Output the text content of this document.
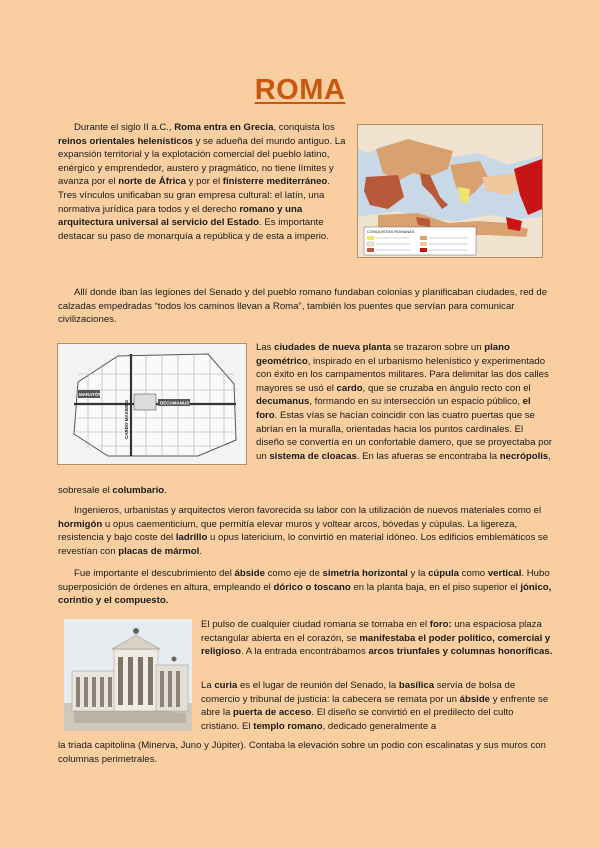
ROMA

Durante el siglo II a.C., Roma entra en Grecia, conquista los reinos orientales helenísticos y se adueña del mundo antiguo. La expansión territorial y la explotación comercial del pueblo latino, enérgico y emprendedor, austero y pragmático, no tiene límites y avanza por el norte de África y por el finisterre mediterráneo. Tres vínculos unificaban su gran empresa cultural: el latín, una normativa jurídica para todos y el derecho romano y una arquitectura universal al servicio del Estado. Es importante destacar su paso de monarquía a república y de esta a imperio.	CONQUISTAS ROMANAS

Allí donde iban las legiones del Senado y del pueblo romano fundaban colonias y planificaban ciudades, red de calzadas empedradas “todos los caminos llevan a Roma”, también los puentes que servían para comunicar civilizaciones.

MARATÓN
DECUMANUS
CARDO MAXIMUS

Las ciudades de nueva planta se trazaron sobre un plano geométrico, inspirado en el urbanismo helenístico y experimentado con éxito en los campamentos militares. Para delimitar las dos calles mayores se usó el cardo, que se cruzaba en ángulo recto con el decumanus, formando en su intersección un espacio público, el foro. Estas vías se hacían coincidir con las cuatro puertas que se abrían en la muralla, orientadas hacia los puntos cardinales. El diseño se convertía en un confortable damero, que se proyectaba por un sistema de cloacas. En las afueras se encontraba la necrópolis,

sobresale el columbario.

Ingenieros, urbanistas y arquitectos vieron favorecida su labor con la utilización de nuevos materiales como el hormigón u opus caementicium, que permitía elevar muros y voltear arcos, bóvedas y cúpulas. La ligereza, resistencia y bajo coste del ladrillo u opus latericium, lo convirtió en material idóneo. Los edificios emblemáticos se revestían con placas de mármol.

Fue importante el descubrimiento del ábside como eje de simetría horizontal y la cúpula como vertical. Hubo superposición de órdenes en altura, empleando el dórico o toscano en la planta baja, en el piso superior el jónico, corintio y el compuesto.

El pulso de cualquier ciudad romana se tomaba en el foro: una espaciosa plaza rectangular abierta en el corazón, se manifestaba el poder político, comercial y religioso. A la entrada encontrábamos arcos triunfales y columnas honoríficas.

La curia es el lugar de reunión del Senado, la basílica servía de bolsa de comercio y tribunal de justicia: la cabecera se remata por un ábside y enfrente se abre la puerta de acceso. El diseño se convirtió en el predilecto del culto cristiano. El templo romano, dedicado generalmente a

la triada capitolina (Minerva, Juno y Júpiter). Contaba la elevación sobre un podio con escalinatas y sus muros con columnas perimetrales.
